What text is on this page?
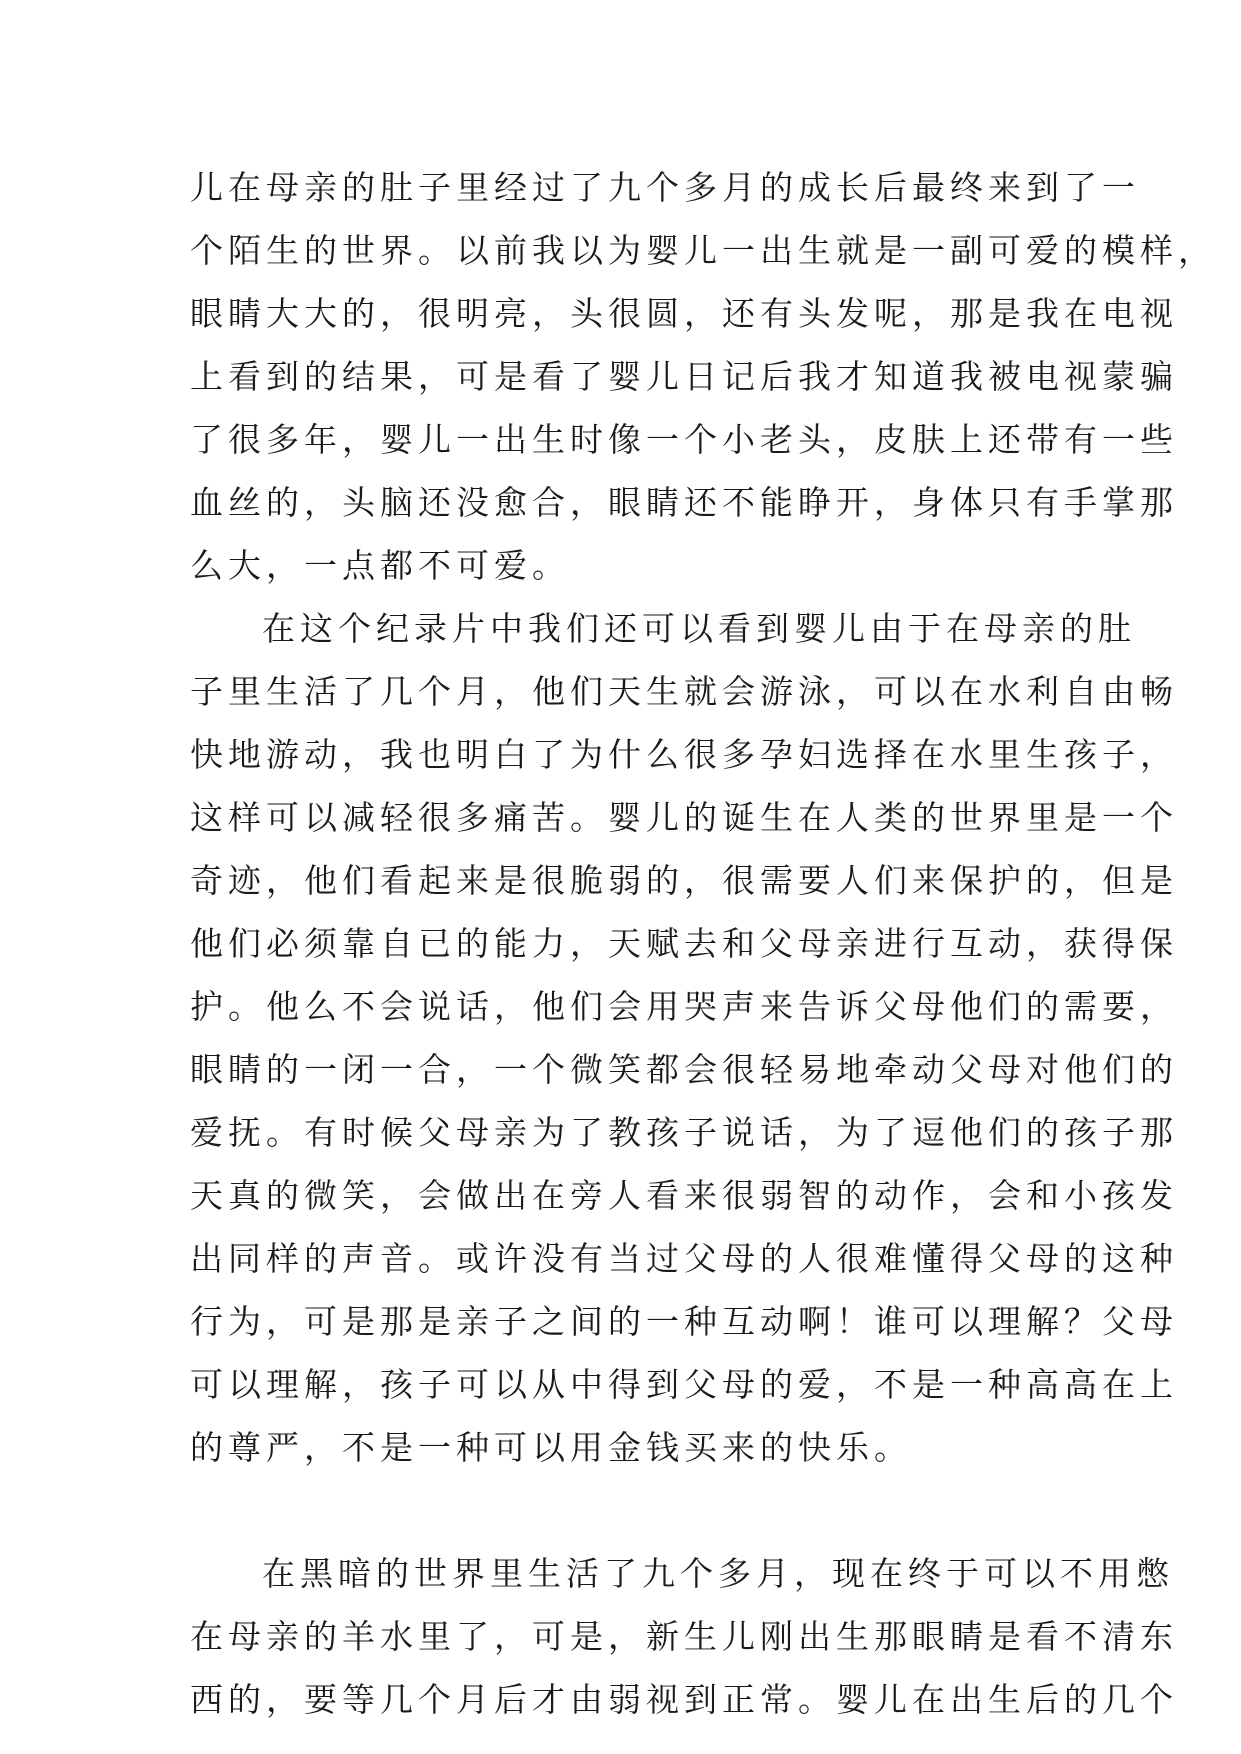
儿在母亲的肚子里经过了九个多月的成长后最终来到了一
个陌生的世界。以前我以为婴儿一出生就是一副可爱的模样，
眼睛大大的，很明亮，头很圆，还有头发呢，那是我在电视
上看到的结果，可是看了婴儿日记后我才知道我被电视蒙骗
了很多年，婴儿一出生时像一个小老头，皮肤上还带有一些
血丝的，头脑还没愈合，眼睛还不能睁开，身体只有手掌那
么大，一点都不可爱。
在这个纪录片中我们还可以看到婴儿由于在母亲的肚
子里生活了几个月，他们天生就会游泳，可以在水利自由畅
快地游动，我也明白了为什么很多孕妇选择在水里生孩子，
这样可以减轻很多痛苦。婴儿的诞生在人类的世界里是一个
奇迹，他们看起来是很脆弱的，很需要人们来保护的，但是
他们必须靠自已的能力，天赋去和父母亲进行互动，获得保
护。他么不会说话，他们会用哭声来告诉父母他们的需要，
眼睛的一闭一合，一个微笑都会很轻易地牵动父母对他们的
爱抚。有时候父母亲为了教孩子说话，为了逗他们的孩子那
天真的微笑，会做出在旁人看来很弱智的动作，会和小孩发
出同样的声音。或许没有当过父母的人很难懂得父母的这种
行为，可是那是亲子之间的一种互动啊！谁可以理解？父母
可以理解，孩子可以从中得到父母的爱，不是一种高高在上
的尊严，不是一种可以用金钱买来的快乐。
在黑暗的世界里生活了九个多月，现在终于可以不用憋
在母亲的羊水里了，可是，新生儿刚出生那眼睛是看不清东
西的，要等几个月后才由弱视到正常。婴儿在出生后的几个
